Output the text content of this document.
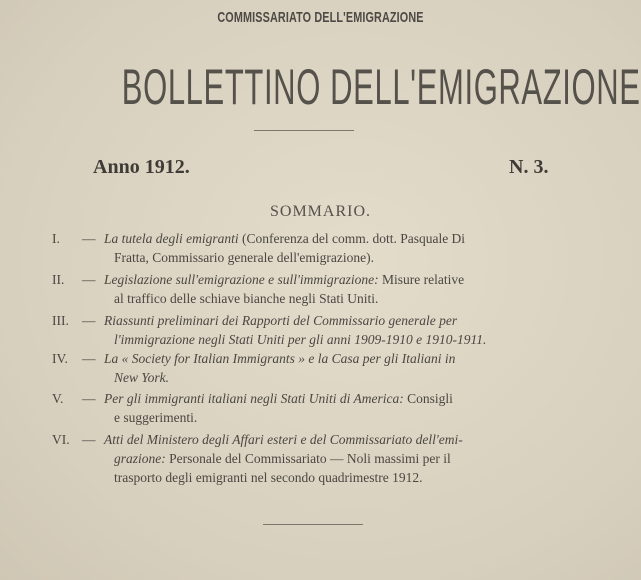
COMMISSARIATO DELL'EMIGRAZIONE
BOLLETTINO DELL'EMIGRAZIONE
Anno 1912.	N. 3.
SOMMARIO.
I.	— La tutela degli emigranti (Conferenza del comm. dott. Pasquale Di
Fratta, Commissario generale dell'emigrazione).
II.	— Legislazione sull'emigrazione e sull'immigrazione: Misure relative
al traffico delle schiave bianche negli Stati Uniti.
III. — Riassunti preliminari dei Rapporti del Commissario generale per
l'immigrazione negli Stati Uniti per gli anni 1909-1910 e 1910-1911.
IV.	— La « Society for Italian Immigrants » e la Casa per gli Italiani in
New York.
V.	— Per gli immigranti italiani negli Stati Uniti di America: Consigli
e suggerimenti.
VI. — Atti del Ministero degli Affari esteri e del Commissariato dell'emi-
grazione: Personale del Commissariato — Noli massimi per il
trasporto degli emigranti nel secondo quadrimestre 1912.
